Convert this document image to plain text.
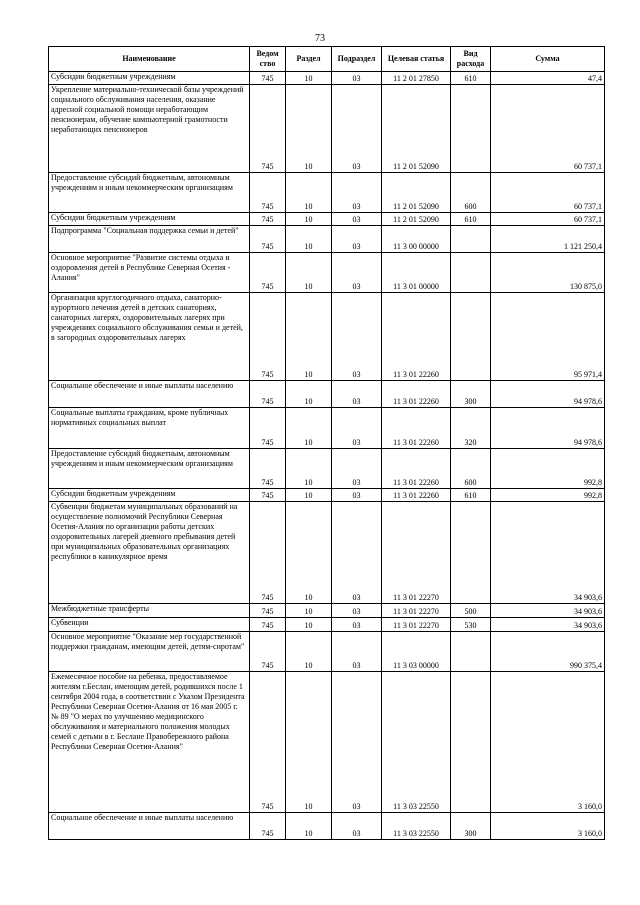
73
Наименование	Ведом ство	Раздел	Подраздел	Целевая статья	Вид расхода	Сумма
Субсидии бюджетным учреждениям	745	10	03	11 2 01 27850	610	47,4
Укрепление материально-технической базы учреждений социального обслуживания населения, оказание адресной социальной помощи неработающим пенсионерам, обучение компьютерной грамотности неработающих пенсионеров	745	10	03	11 2 01 52090		60 737,1
Предоставление субсидий бюджетным, автономным учреждениям и иным некоммерческим организациям	745	10	03	11 2 01 52090	600	60 737,1
Субсидии бюджетным учреждениям	745	10	03	11 2 01 52090	610	60 737,1
Подпрограмма "Социальная поддержка семьи и детей"	745	10	03	11 3 00 00000		1 121 250,4
Основное мероприятие "Развитие системы отдыха и оздоровления детей в Республике Северная Осетия - Алания"	745	10	03	11 3 01 00000		130 875,0
Организация круглогодичного отдыха, санаторно-курортного лечения детей в детских санаториях, санаторных лагерях, оздоровительных лагерях при учреждениях социального обслуживания семьи и детей, в загородных оздоровительных лагерях	745	10	03	11 3 01 22260		95 971,4
Социальное обеспечение и иные выплаты населению	745	10	03	11 3 01 22260	300	94 978,6
Социальные выплаты гражданам, кроме публичных нормативных социальных выплат	745	10	03	11 3 01 22260	320	94 978,6
Предоставление субсидий бюджетным, автономным учреждениям и иным некоммерческим организациям	745	10	03	11 3 01 22260	600	992,8
Субсидии бюджетным учреждениям	745	10	03	11 3 01 22260	610	992,8
Субвенции бюджетам муниципальных образований на осуществление полномочий Республики Северная Осетия-Алания по организации работы детских оздоровительных лагерей дневного пребывания детей при муниципальных образовательных организациях республики в каникулярное время	745	10	03	11 3 01 22270		34 903,6
Межбюджетные трансферты	745	10	03	11 3 01 22270	500	34 903,6
Субвенции	745	10	03	11 3 01 22270	530	34 903,6
Основное мероприятие "Оказание мер государственной поддержки гражданам, имеющим детей, детям-сиротам"	745	10	03	11 3 03 00000		990 375,4
Ежемесячное пособие на ребенка, предоставляемое жителям г.Беслан, имеющим детей, родившихся после 1 сентября 2004 года, в соответствии с Указом Президента Республики Северная Осетия-Алания от 16 мая 2005 г. № 89 "О мерах по улучшению медицинского обслуживания и материального положения молодых семей с детьми в г. Беслане Правобережного района Республики Северная Осетия-Алания"	745	10	03	11 3 03 22550		3 160,0
Социальное обеспечение и иные выплаты населению	745	10	03	11 3 03 22550	300	3 160,0
